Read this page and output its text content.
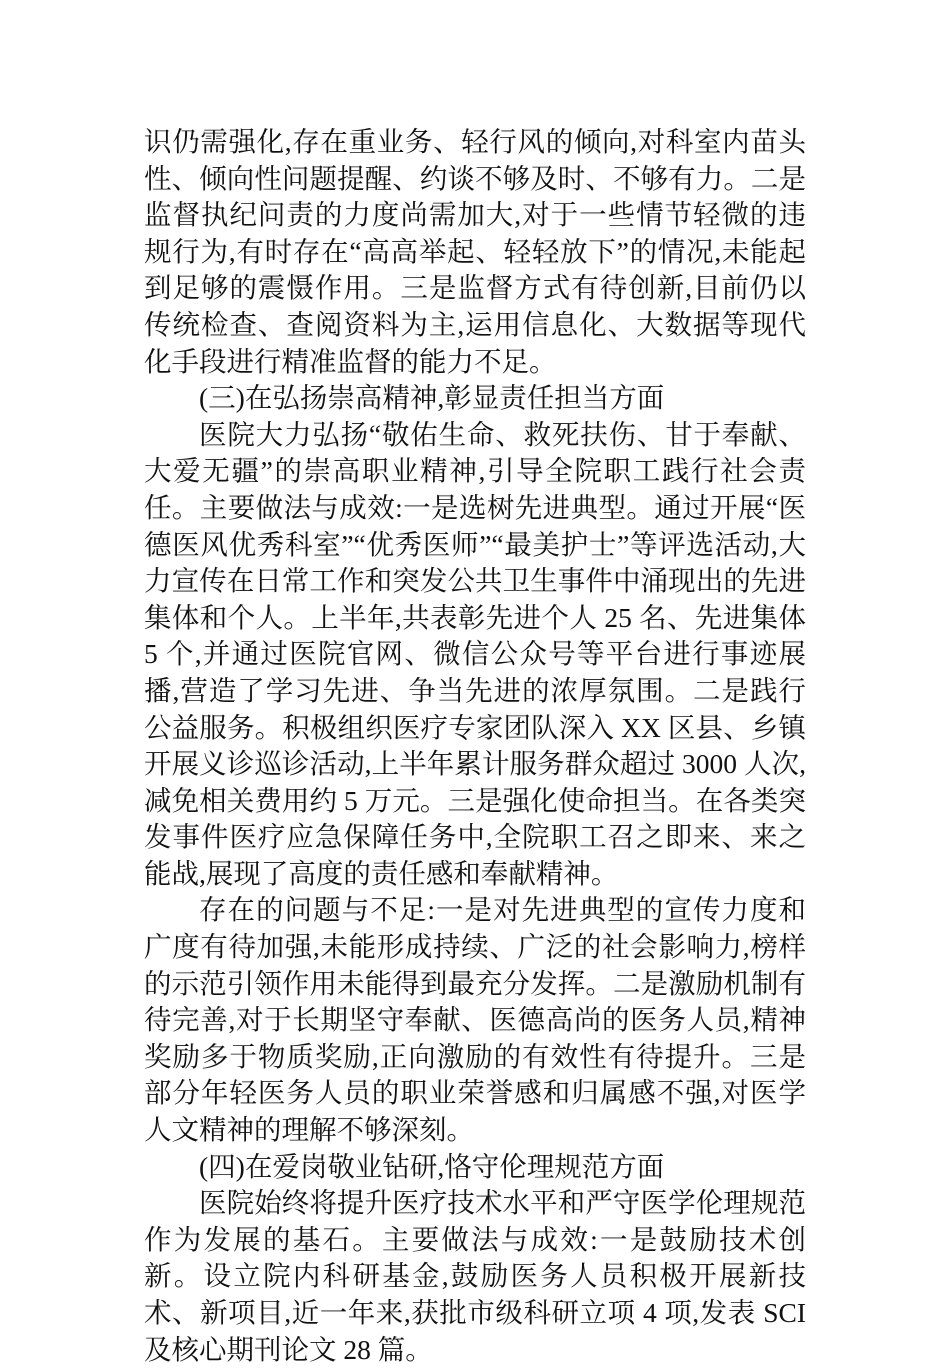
识仍需强化,存在重业务、轻行风的倾向,对科室内苗头性、倾向性问题提醒、约谈不够及时、不够有力。二是监督执纪问责的力度尚需加大,对于一些情节轻微的违规行为,有时存在“高高举起、轻轻放下”的情况,未能起到足够的震慑作用。三是监督方式有待创新,目前仍以传统检查、查阅资料为主,运用信息化、大数据等现代化手段进行精准监督的能力不足。

(三)在弘扬崇高精神,彰显责任担当方面

医院大力弘扬“敬佑生命、救死扶伤、甘于奉献、大爱无疆”的崇高职业精神,引导全院职工践行社会责任。主要做法与成效:一是选树先进典型。通过开展“医德医风优秀科室”“优秀医师”“最美护士”等评选活动,大力宣传在日常工作和突发公共卫生事件中涌现出的先进集体和个人。上半年,共表彰先进个人 25 名、先进集体 5 个,并通过医院官网、微信公众号等平台进行事迹展播,营造了学习先进、争当先进的浓厚氛围。二是践行公益服务。积极组织医疗专家团队深入 XX 区县、乡镇开展义诊巡诊活动,上半年累计服务群众超过 3000 人次,减免相关费用约 5 万元。三是强化使命担当。在各类突发事件医疗应急保障任务中,全院职工召之即来、来之能战,展现了高度的责任感和奉献精神。

存在的问题与不足:一是对先进典型的宣传力度和广度有待加强,未能形成持续、广泛的社会影响力,榜样的示范引领作用未能得到最充分发挥。二是激励机制有待完善,对于长期坚守奉献、医德高尚的医务人员,精神奖励多于物质奖励,正向激励的有效性有待提升。三是部分年轻医务人员的职业荣誉感和归属感不强,对医学人文精神的理解不够深刻。

(四)在爱岗敬业钻研,恪守伦理规范方面

医院始终将提升医疗技术水平和严守医学伦理规范作为发展的基石。主要做法与成效:一是鼓励技术创新。设立院内科研基金,鼓励医务人员积极开展新技术、新项目,近一年来,获批市级科研立项 4 项,发表 SCI 及核心期刊论文 28 篇。
